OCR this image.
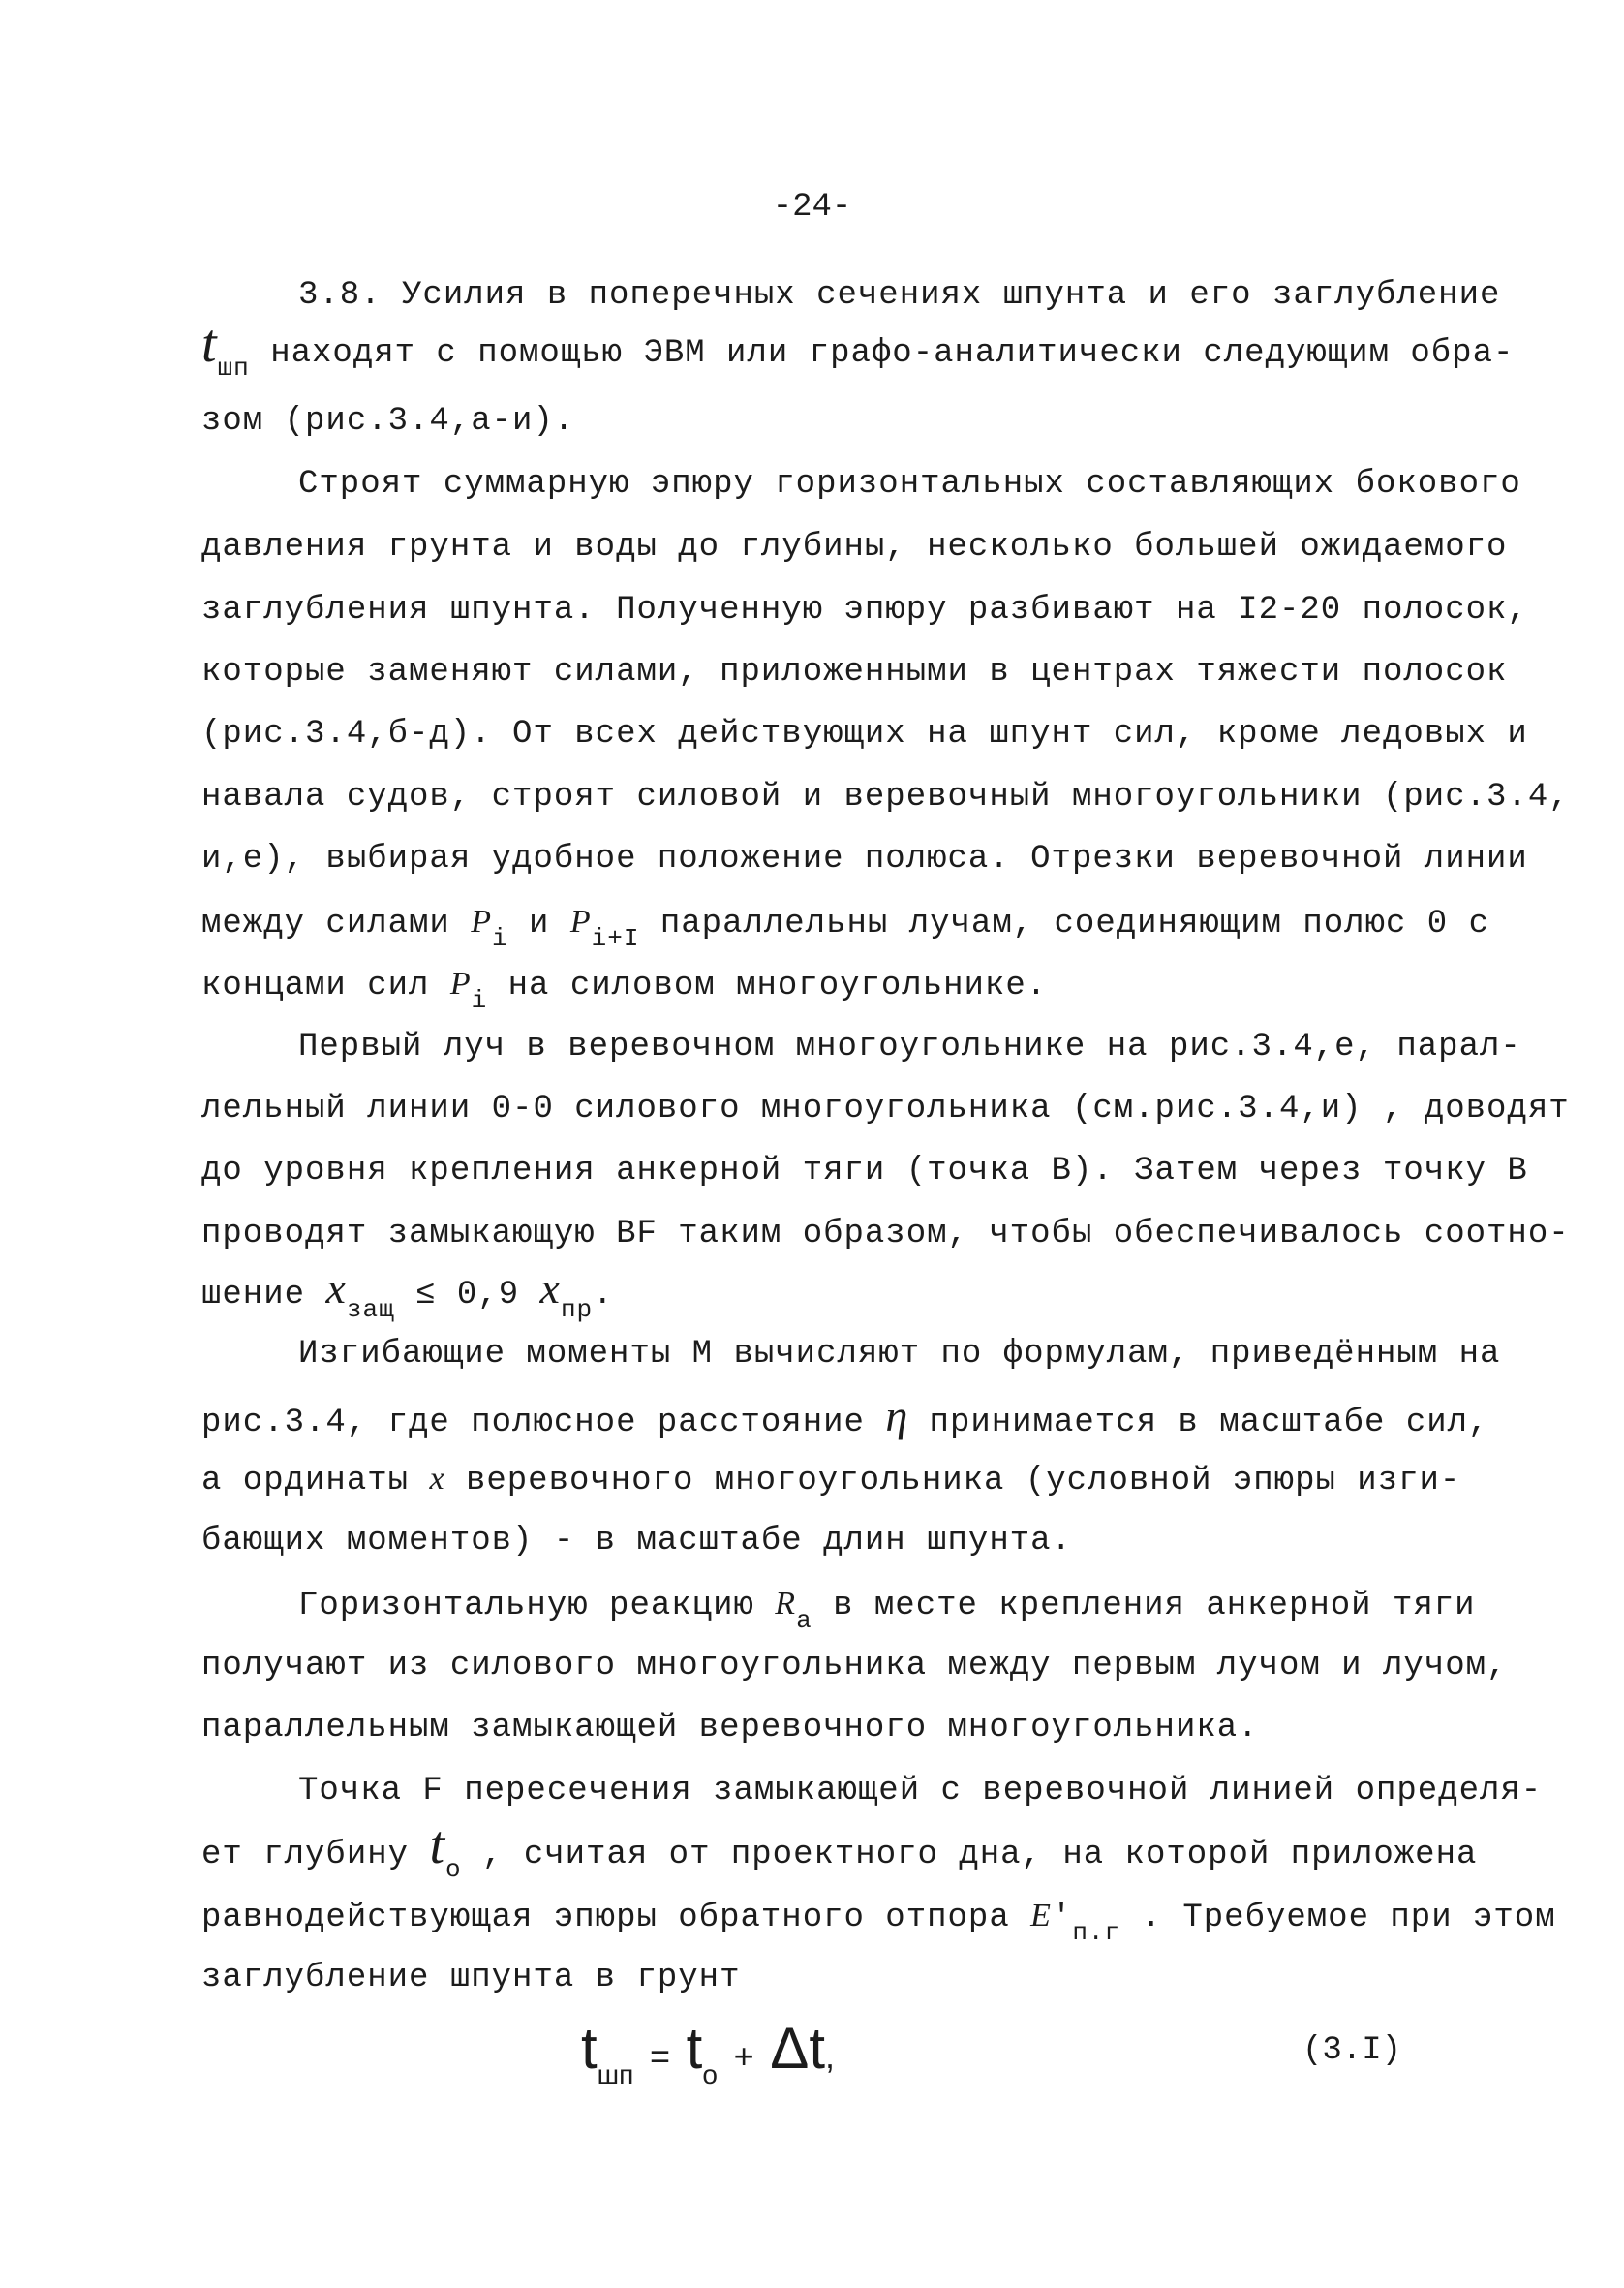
-24-
3.8. Усилия в поперечных сечениях шпунта и его заглубление
$t_{шп}$ находят с помощью ЭВМ или графо-аналитически следующим обра-
зом (рис.3.4,а-и).
Строят суммарную эпюру горизонтальных составляющих бокового
давления грунта и воды до глубины, несколько большей ожидаемого
заглубления шпунта. Полученную эпюру разбивают на I2-20 полосок,
которые заменяют силами, приложенными в центрах тяжести полосок
(рис.3.4,б-д). От всех действующих на шпунт сил, кроме ледовых и
навала судов, строят силовой и веревочный многоугольники (рис.3.4,
и,е), выбирая удобное положение полюса. Отрезки веревочной линии
между силами $P_i$ и $P_{i+I}$ параллельны лучам, соединяющим полюс 0 с
концами сил $P_i$ на силовом многоугольнике.
Первый луч в веревочном многоугольнике на рис.3.4,е, парал-
лельный линии 0-0 силового многоугольника (см.рис.3.4,и) , доводят
до уровня крепления анкерной тяги (точка В). Затем через точку В
проводят замыкающую BF таким образом, чтобы обеспечивалось соотно-
шение $x_{защ} \le 0,9$ $x_{пр}$.
Изгибающие моменты М вычисляют по формулам, приведённым на
рис.3.4, где полюсное расстояние η принимается в масштабе сил,
а ординаты x веревочного многоугольника (условной эпюры изги-
бающих моментов) - в масштабе длин шпунта.
Горизонтальную реакцию $R_a$ в месте крепления анкерной тяги
получают из силового многоугольника между первым лучом и лучом,
параллельным замыкающей веревочного многоугольника.
Точка F пересечения замыкающей с веревочной линией определя-
ет глубину $t_o$ , считая от проектного дна, на которой приложена
равнодействующая эпюры обратного отпора $E'_{п.г}$ . Требуемое при этом
заглубление шпунта в грунт
$t_{шп} = t_o + \Delta t$,	(3.I)
